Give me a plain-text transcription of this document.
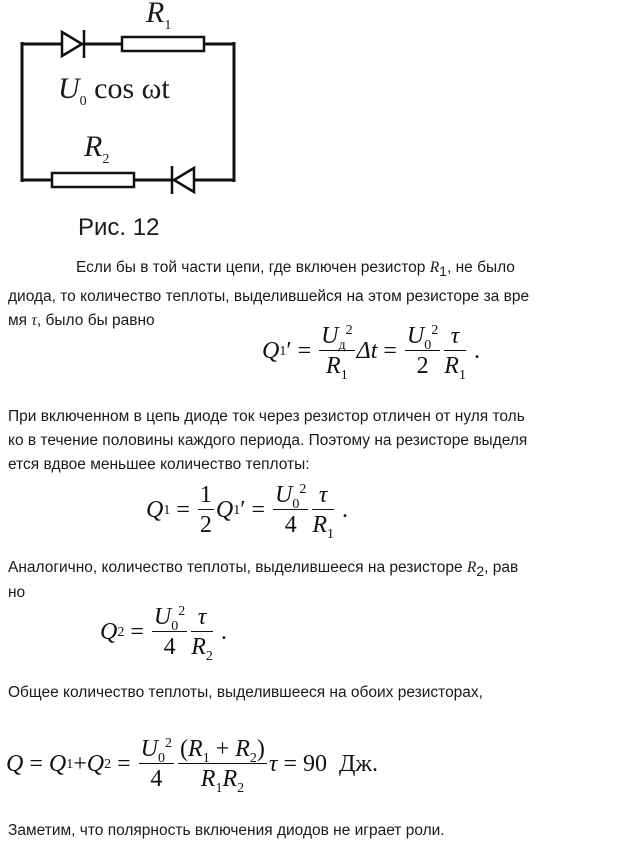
$R_1$
$R_2$
$U_0$ cos ωt
Рис. 12

Если бы в той части цепи, где включен резистор $R_1$, не было

диода, то количество теплоты, выделившейся на этом резисторе за вре

мя τ, было бы равно

Q 1 ′ = $\frac{U_д^2}{R_1}$ $\Delta t = \frac{U_0^2}{2} \frac{\tau}{R_1}$ .

При включенном в цепь диоде ток через резистор отличен от нуля толь

ко в течение половины каждого периода. Поэтому на резисторе выделя

ется вдвое меньшее количество теплоты:

Q $1 = \frac{1}{2}$ Q 1 ′ = $\frac{U_0^2}{4} \frac{\tau}{R_1}$ .

Аналогично, количество теплоты, выделившееся на резисторе $R_2$, рав

но

Q $2 = \frac{U_0^2}{4} \frac{\tau}{R_2}$ .

Общее количество теплоты, выделившееся на обоих резисторах,

Q = Q 1 + Q $2 = \frac{U_0^2}{4} \frac{(R_1 + R_2)}{R_1R_2}$ τ = 90 Дж.

Заметим, что полярность включения диодов не играет роли.
